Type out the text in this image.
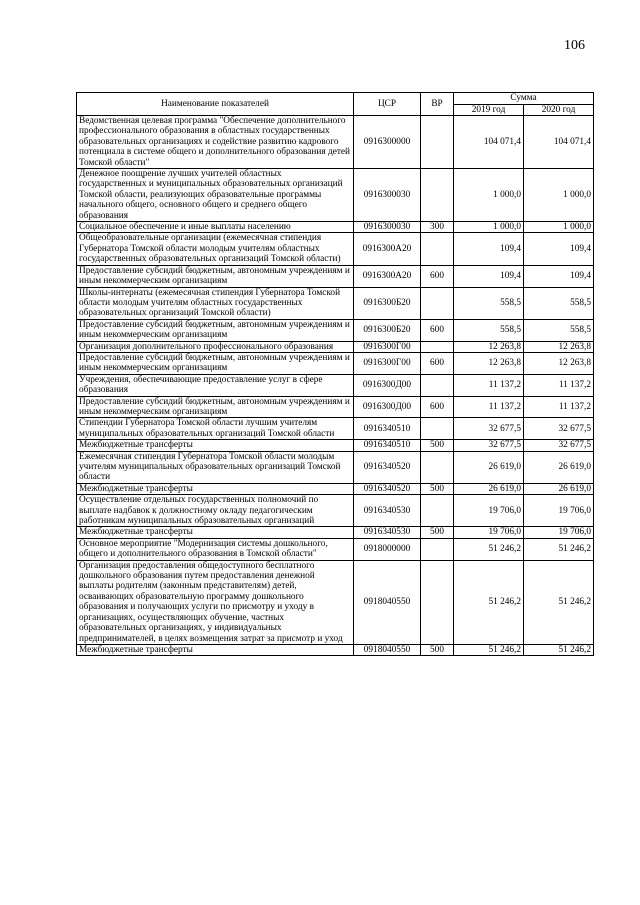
106
Наименование показателей	ЦСР	ВР	Сумма	
			2019 год	2020 год
Ведомственная целевая программа "Обеспечение дополнительного профессионального образования в областных государственных образовательных организациях и содействие развитию кадрового потенциала в системе общего и дополнительного образования детей Томской области"	0916300000		104 071,4	104 071,4
Денежное поощрение лучших учителей областных государственных и муниципальных образовательных организаций Томской области, реализующих образовательные программы начального общего, основного общего и среднего общего образования	0916300030		1 000,0	1 000,0
Социальное обеспечение и иные выплаты населению	0916300030	300	1 000,0	1 000,0
Общеобразовательные организации (ежемесячная стипендия Губернатора Томской области молодым учителям областных государственных образовательных организаций Томской области)	0916300А20		109,4	109,4
Предоставление субсидий бюджетным, автономным учреждениям и иным некоммерческим организациям	0916300А20	600	109,4	109,4
Школы-интернаты (ежемесячная стипендия Губернатора Томской области молодым учителям областных государственных образовательных организаций Томской области)	0916300Б20		558,5	558,5
Предоставление субсидий бюджетным, автономным учреждениям и иным некоммерческим организациям	0916300Б20	600	558,5	558,5
Организация дополнительного профессионального образования	0916300Г00		12 263,8	12 263,8
Предоставление субсидий бюджетным, автономным учреждениям и иным некоммерческим организациям	0916300Г00	600	12 263,8	12 263,8
Учреждения, обеспечивающие предоставление услуг в сфере образования	0916300Д00		11 137,2	11 137,2
Предоставление субсидий бюджетным, автономным учреждениям и иным некоммерческим организациям	0916300Д00	600	11 137,2	11 137,2
Стипендии Губернатора Томской области лучшим учителям муниципальных образовательных организаций Томской области	0916340510		32 677,5	32 677,5
Межбюджетные трансферты	0916340510	500	32 677,5	32 677,5
Ежемесячная стипендия Губернатора Томской области молодым учителям муниципальных образовательных организаций Томской области	0916340520		26 619,0	26 619,0
Межбюджетные трансферты	0916340520	500	26 619,0	26 619,0
Осуществление отдельных государственных полномочий по выплате надбавок к должностному окладу педагогическим работникам муниципальных образовательных организаций	0916340530		19 706,0	19 706,0
Межбюджетные трансферты	0916340530	500	19 706,0	19 706,0
Основное мероприятие "Модернизация системы дошкольного, общего и дополнительного образования в Томской области"	0918000000		51 246,2	51 246,2
Организация предоставления общедоступного бесплатного дошкольного образования путем предоставления денежной выплаты родителям (законным представителям) детей, осваивающих образовательную программу дошкольного образования и получающих услуги по присмотру и уходу в организациях, осуществляющих обучение, частных образовательных организациях, у индивидуальных предпринимателей, в целях возмещения затрат за присмотр и уход	0918040550		51 246,2	51 246,2
Межбюджетные трансферты	0918040550	500	51 246,2	51 246,2
